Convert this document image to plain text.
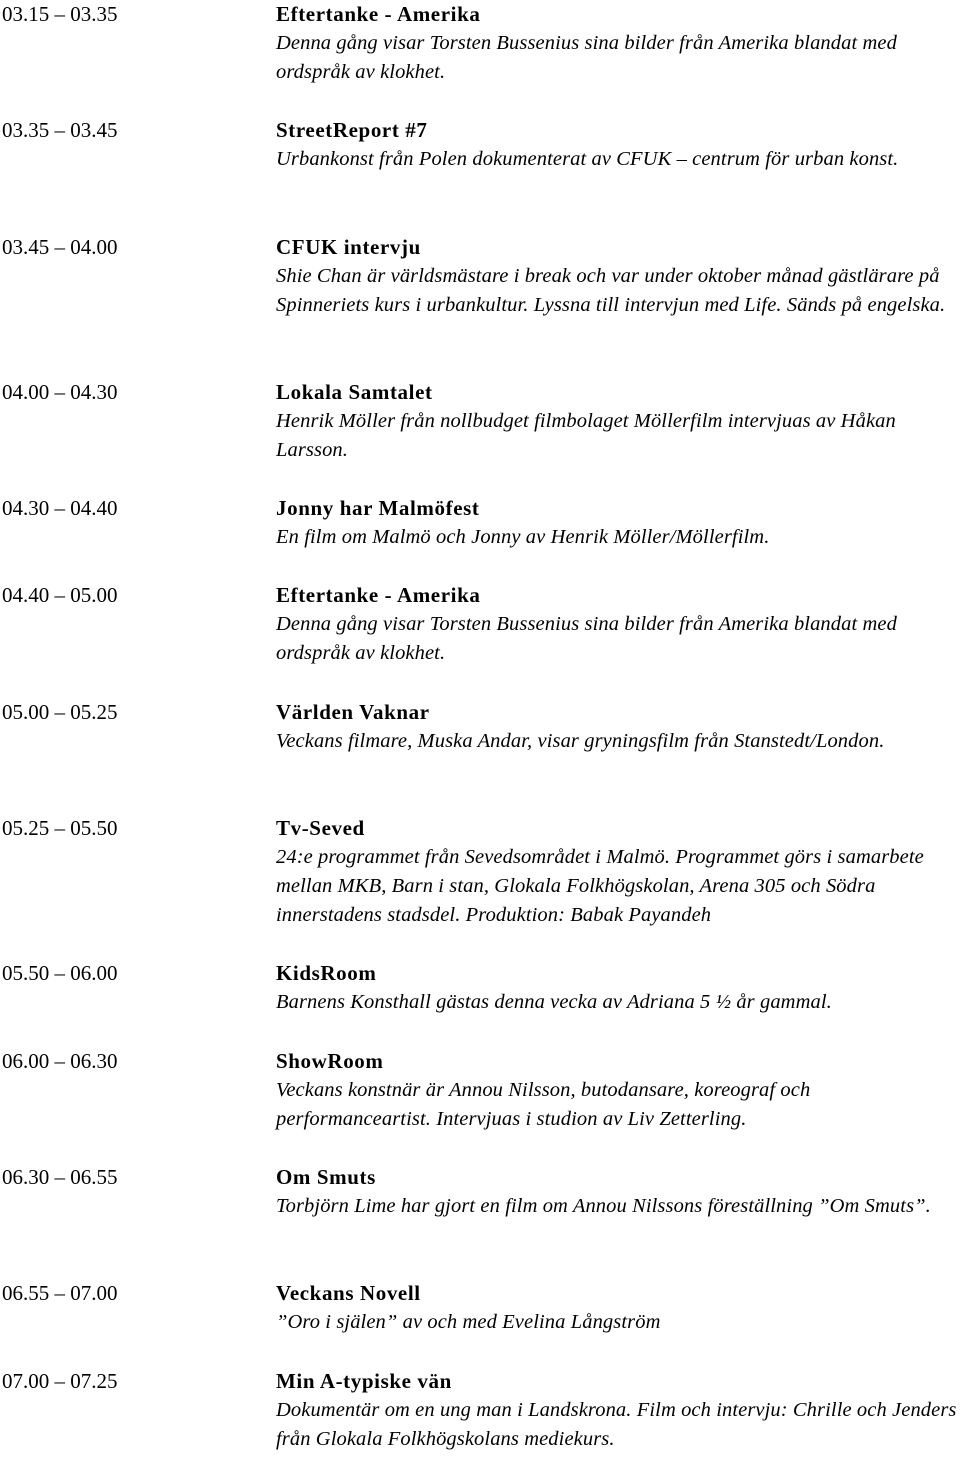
03.15 – 03.35	Eftertanke - Amerika
Denna gång visar Torsten Bussenius sina bilder från Amerika blandat med ordspråk av klokhet.
03.35 – 03.45	StreetReport #7
Urbankonst från Polen dokumenterat av CFUK – centrum för urban konst.
03.45 – 04.00	CFUK intervju
Shie Chan är världsmästare i break och var under oktober månad gästlärare på Spinneriets kurs i urbankultur. Lyssna till intervjun med Life. Sänds på engelska.
04.00 – 04.30	Lokala Samtalet
Henrik Möller från nollbudget filmbolaget Möllerfilm intervjuas av Håkan Larsson.
04.30 – 04.40	Jonny har Malmöfest
En film om Malmö och Jonny av Henrik Möller/Möllerfilm.
04.40 – 05.00	Eftertanke - Amerika
Denna gång visar Torsten Bussenius sina bilder från Amerika blandat med ordspråk av klokhet.
05.00 – 05.25	Världen Vaknar
Veckans filmare, Muska Andar, visar gryningsfilm från Stanstedt/London.
05.25 – 05.50	Tv-Seved
24:e programmet från Sevedsområdet i Malmö. Programmet görs i samarbete mellan MKB, Barn i stan, Glokala Folkhögskolan, Arena 305 och Södra innerstadens stadsdel. Produktion: Babak Payandeh
05.50 – 06.00	KidsRoom
Barnens Konsthall gästas denna vecka av Adriana 5 ½ år gammal.
06.00 – 06.30	ShowRoom
Veckans konstnär är Annou Nilsson, butodansare, koreograf och performanceartist. Intervjuas i studion av Liv Zetterling.
06.30 – 06.55	Om Smuts
Torbjörn Lime har gjort en film om Annou Nilssons föreställning ”Om Smuts”.
06.55 – 07.00	Veckans Novell
”Oro i själen” av och med Evelina Långström
07.00 – 07.25	Min A-typiske vän
Dokumentär om en ung man i Landskrona. Film och intervju: Chrille och Jenders från Glokala Folkhögskolans mediekurs.
